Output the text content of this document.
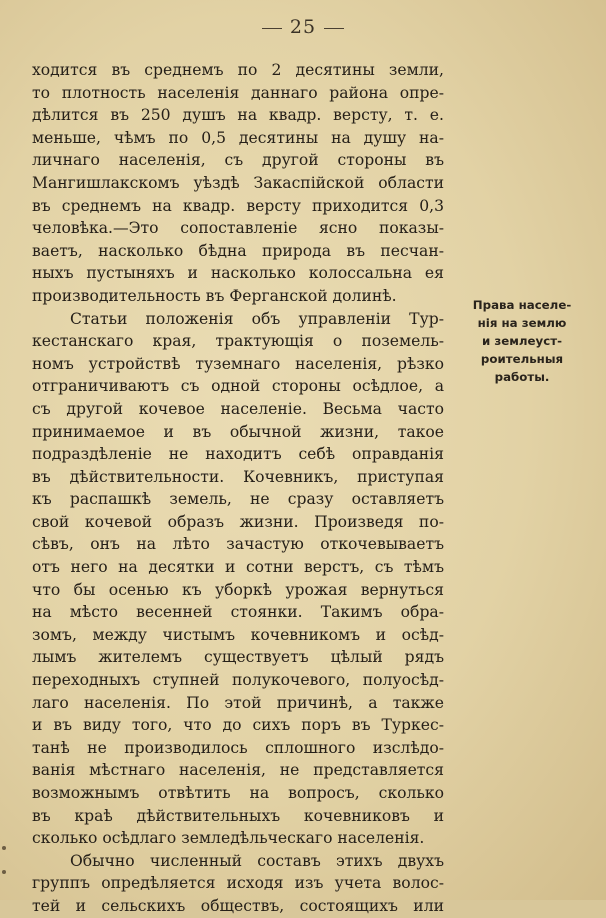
25
ходится въ среднемъ по 2 десятины земли,
то плотность населенія даннаго района опре-
дѣлится въ 250 душъ на квадр. версту, т. е.
меньше, чѣмъ по 0,5 десятины на душу на-
личнаго населенія, съ другой стороны въ
Мангишлакскомъ уѣздѣ Закаспійской области
въ среднемъ на квадр. версту приходится 0,3
человѣка.—Это сопоставленіе ясно показы-
ваетъ, насколько бѣдна природа въ песчан-
ныхъ пустыняхъ и насколько колоссальна ея
производительность въ Ферганской долинѣ.
Статьи положенія объ управленіи Тур-
кестанскаго края, трактующія о поземель-
номъ устройствѣ туземнаго населенія, рѣзко
отграничиваютъ съ одной стороны осѣдлое, а
съ другой кочевое населеніе. Весьма часто
принимаемое и въ обычной жизни, такое
подраздѣленіе не находитъ себѣ оправданія
въ дѣйствительности. Кочевникъ, приступая
къ распашкѣ земель, не сразу оставляетъ
свой кочевой образъ жизни. Произведя по-
сѣвъ, онъ на лѣто зачастую откочевываетъ
отъ него на десятки и сотни верстъ, съ тѣмъ
что бы осенью къ уборкѣ урожая вернуться
на мѣсто весенней стоянки. Такимъ обра-
зомъ, между чистымъ кочевникомъ и осѣд-
лымъ жителемъ существуетъ цѣлый рядъ
переходныхъ ступней полукочевого, полуосѣд-
лаго населенія. По этой причинѣ, а также
и въ виду того, что до сихъ поръ въ Туркес-
танѣ не производилось сплошного изслѣдо-
ванія мѣстнаго населенія, не представляется
возможнымъ отвѣтить на вопросъ, сколько
въ краѣ дѣйствительныхъ кочевниковъ и
сколько осѣдлаго земледѣльческаго населенія.
Обычно численный составъ этихъ двухъ
группъ опредѣляется исходя изъ учета волос-
тей и сельскихъ обществъ, состоящихъ или
Права населе-
нія на землю
и землеуст-
роительныя
работы.
